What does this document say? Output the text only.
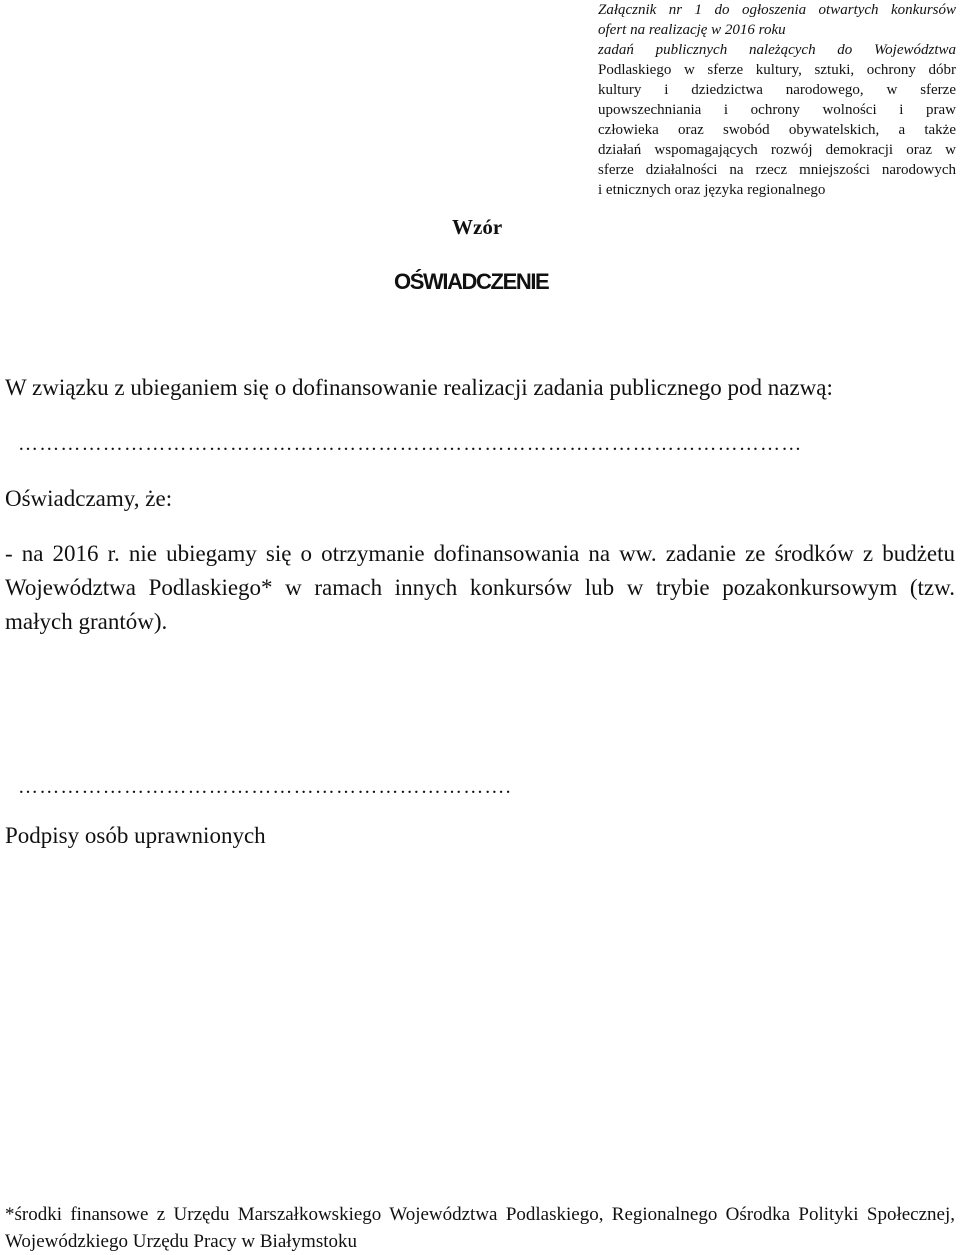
Załącznik nr 1 do ogłoszenia otwartych konkursów
ofert na realizację w 2016 roku
zadań publicznych należących do Województwa
Podlaskiego w sferze kultury, sztuki, ochrony dóbr
kultury i dziedzictwa narodowego, w sferze
upowszechniania i ochrony wolności i praw
człowieka oraz swobód obywatelskich, a także
działań wspomagających rozwój demokracji oraz w
sferze działalności na rzecz mniejszości narodowych
i etnicznych oraz języka regionalnego
Wzór
OŚWIADCZENIE
W związku z ubieganiem się o dofinansowanie realizacji zadania publicznego pod nazwą:
…………………………………………………………………………………………………
Oświadczamy, że:
- na 2016 r. nie ubiegamy się o otrzymanie dofinansowania na ww. zadanie ze środków z budżetu Województwa Podlaskiego* w ramach innych konkursów lub w trybie pozakonkursowym (tzw. małych grantów).
…………………………………………………………….
Podpisy osób uprawnionych
*środki finansowe z Urzędu Marszałkowskiego Województwa Podlaskiego, Regionalnego Ośrodka Polityki Społecznej, Wojewódzkiego Urzędu Pracy w Białymstoku
